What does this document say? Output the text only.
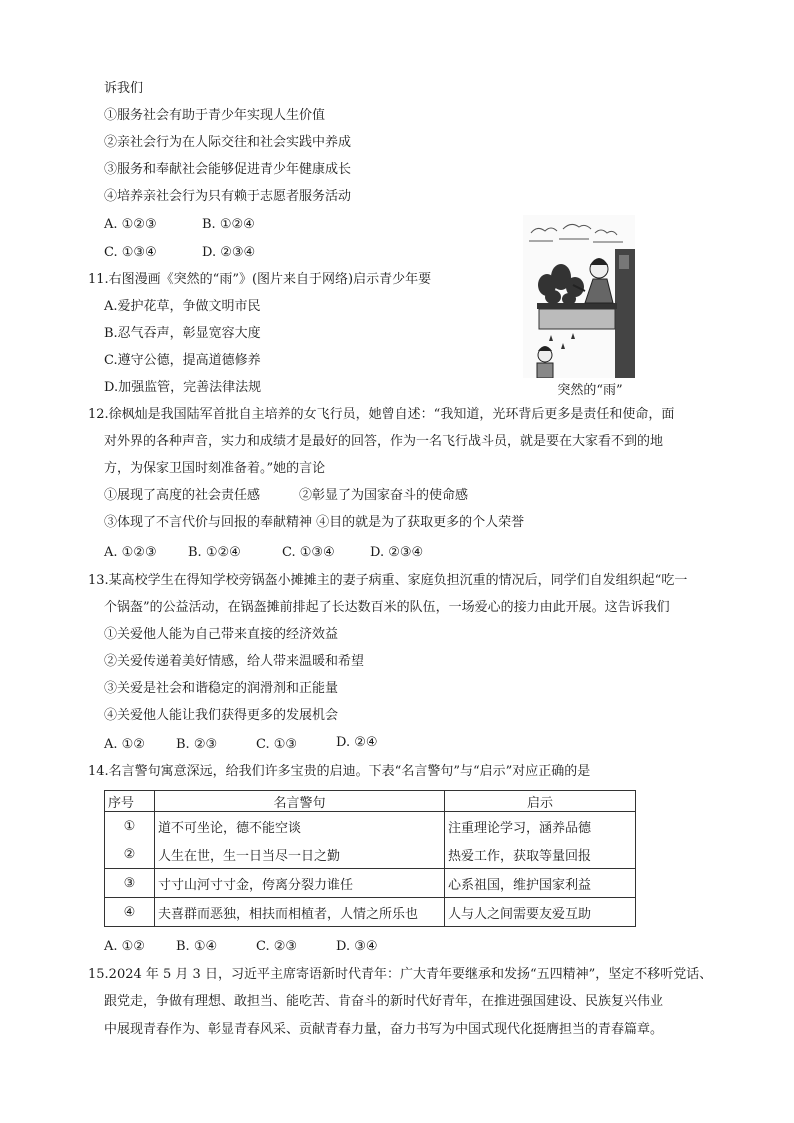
诉我们
①服务社会有助于青少年实现人生价值
②亲社会行为在人际交往和社会实践中养成
③服务和奉献社会能够促进青少年健康成长
④培养亲社会行为只有赖于志愿者服务活动
A. ①②③	B. ①②④
C. ①③④	D. ②③④
11.右图漫画《突然的“雨”》(图片来自于网络)启示青少年要
A.爱护花草，争做文明市民
B.忍气吞声，彰显宽容大度
C.遵守公德，提高道德修养
D.加强监管，完善法律法规	突然的“雨”
12.徐枫灿是我国陆军首批自主培养的女飞行员，她曾自述：“我知道，光环背后更多是责任和使命，面
对外界的各种声音，实力和成绩才是最好的回答，作为一名飞行战斗员，就是要在大家看不到的地
方，为保家卫国时刻准备着。”她的言论
①展现了高度的社会责任感　　　②彰显了为国家奋斗的使命感
③体现了不言代价与回报的奉献精神 ④目的就是为了获取更多的个人荣誉
A. ①②③ B. ①②④	C. ①③④	D. ②③④
13.某高校学生在得知学校旁锅盔小摊摊主的妻子病重、家庭负担沉重的情况后，同学们自发组织起“吃一
个锅盔”的公益活动，在锅盔摊前排起了长达数百米的队伍，一场爱心的接力由此开展。这告诉我们
①关爱他人能为自己带来直接的经济效益
②关爱传递着美好情感，给人带来温暖和希望
③关爱是社会和谐稳定的润滑剂和正能量
④关爱他人能让我们获得更多的发展机会
A. ①② B. ②③	C. ①③	D. ②④
14.名言警句寓意深远，给我们许多宝贵的启迪。下表“名言警句”与“启示”对应正确的是
序号	名言警句	启示
①	道不可坐论，德不能空谈	注重理论学习，涵养品德
②	人生在世，生一日当尽一日之勤	热爱工作，获取等量回报
③	寸寸山河寸寸金，侉离分裂力谁任	心系祖国，维护国家利益
④	夫喜群而恶独，相扶而相植者，人情之所乐也	人与人之间需要友爱互助
A. ①② B. ①④	C. ②③	D. ③④
15.2024 年 5 月 3 日，习近平主席寄语新时代青年：广大青年要继承和发扬“五四精神”，坚定不移听党话、
跟党走，争做有理想、敢担当、能吃苦、肯奋斗的新时代好青年，在推进强国建设、民族复兴伟业
中展现青春作为、彰显青春风采、贡献青春力量，奋力书写为中国式现代化挺膺担当的青春篇章。
